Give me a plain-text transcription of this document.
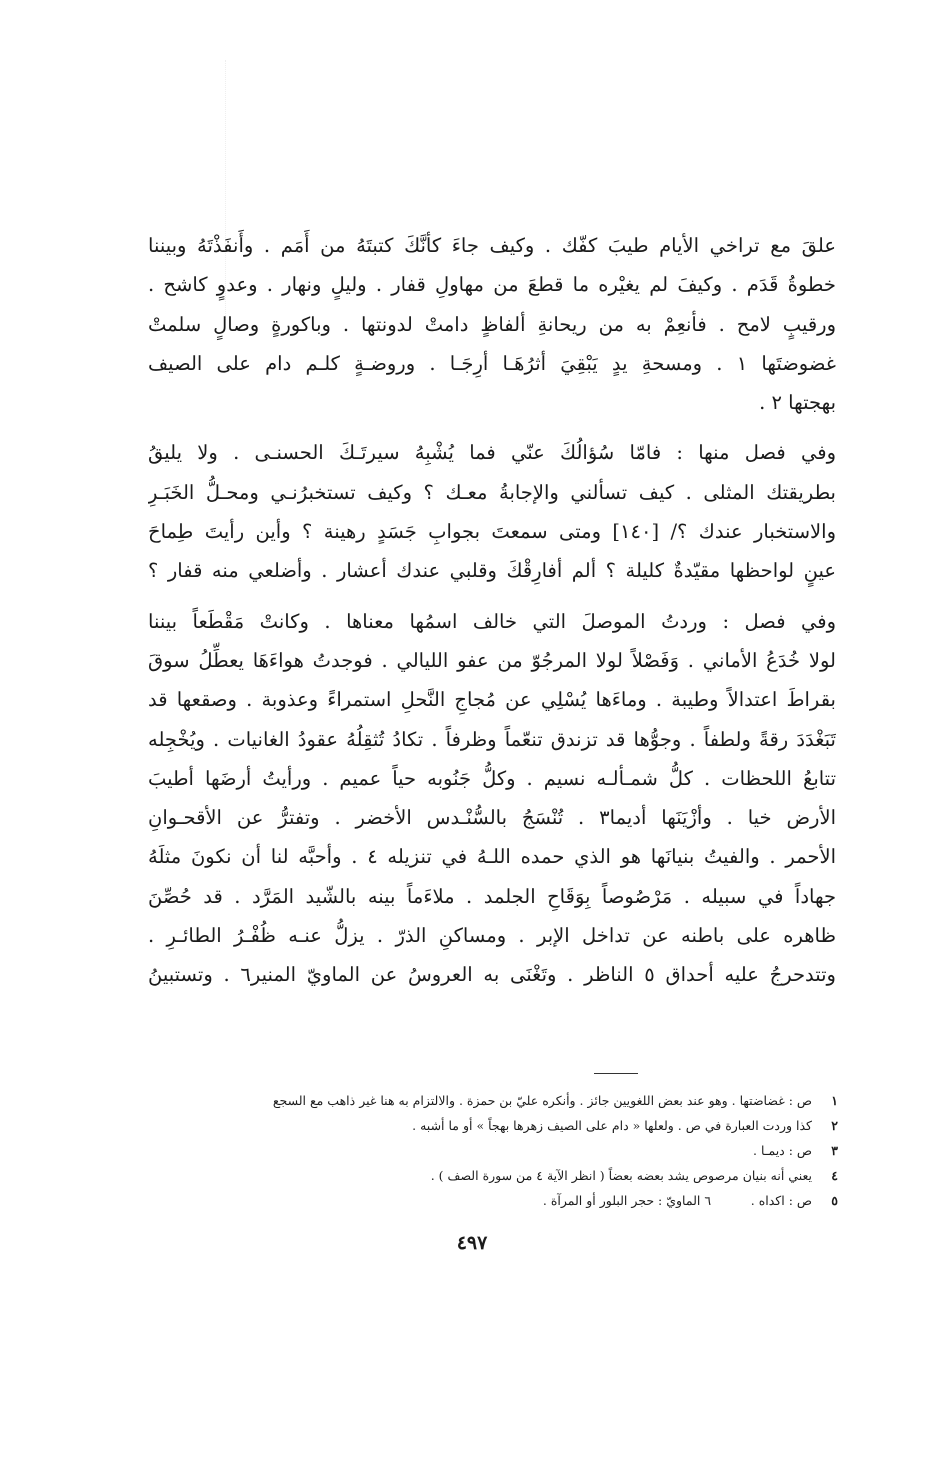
علقَ مع تراخي الأيام طيبَ كفّك . وكيف جاءَ كأنَّكَ كتبتَهُ من أَمَم . وأَنفَذْتَهُ وبيننا
خطوةُ قَدَم . وكيفَ لم يغيْره ما قطعَ من مهاولِ قفار . وليلٍ ونهار . وعدوٍ كاشح .
ورقيبٍ لامح . فأنعِمْ به من ريحانةِ ألفاظٍ دامتْ لدونتها . وباكورةٍ وصالٍ سلمتْ
غضوضتَها ١ . ومسحةِ يدٍ يَبْقِيَ أثرُهَـا أرِجَـا . وروضـةٍ كلـم دام على الصيف
بهجتها ٢ .
وفي فصل منها : فامّا سُؤالُكَ عنّي فما يُشْبِهُ سيرتَـكَ الحسنـى . ولا يليقُ
بطريقتك المثلى . كيف تسألني والإجابةُ معـك ؟ وكيف تستخبرُنـي ومحـلُّ الخَبَـرِ
والاستخبار عندك ؟/ [١٤٠] ومتى سمعتَ بجوابِ جَسَدٍ رهينة ؟ وأين رأيتَ طِماحَ
عينٍ لواحظها مقيّدةٌ كليلة ؟ ألم أفارِقْكَ وقلبي عندك أعشار . وأضلعي منه قفار ؟
وفي فصل : وردتُ الموصلَ التي خالف اسمُها معناها . وكانتْ مَقْطَعاً بيننا
لولا خُدَعُ الأماني . وَفَصْلاً لولا المرجُوّ من عفو الليالي . فوجدتُ هواءَهَا يعطِّلُ سوقَ
بقراطَ اعتدالاً وطيبة . وماءَها يُسْلِي عن مُجاجِ النَّحلِ استمراءً وعذوبة . وصقعها قد
تَبَغْدَدَ رقةً ولطفاً . وجوُّها قد تزندق تنعّماً وظرفاً . تكادُ تُثقِلُهُ عقودُ الغانيات . ويُخْجِله
تتابعُ اللحظات . كلُّ شمـألـه نسيم . وكلُّ جَنُوبه حياً عميم . ورأيتُ أرضَها أطيبَ
الأرض خيا . وأزْيَنَها أديما٣ . تُنْسَجُ بالسُّنْـدس الأخضر . وتفترُّ عن الأقحـوانِ
الأحمر . والفيتُ بنيانَها هو الذي حمده اللـهُ في تنزيله ٤ . وأحبَّه لنا أن نكونَ مثلَهُ
جهاداً في سبيله . مَرْصُوصاً بِوَقَاحِ الجلمد . ملاءَماً بينه بالشّيد المَرَّد . قد حُصِّنَ
ظاهره على باطنه عن تداخل الإبر . ومساكنِ الذرّ . يزلُّ عنـه ظُفْـرُ الطائـرِ .
وتتدحرجُ عليه أحداق ٥ الناظر . وتَغْنَى به العروسُ عن الماويّ المنير٦ . وتستبينُ
١ ص : غضاضتها . وهو عند بعض اللغويين جائز . وأنكره عليّ بن حمزة . والالتزام به هنا غير ذاهب مع السجع
٢ كذا وردت العبارة في ص . ولعلها « دام على الصيف زهرها بهجاً » أو ما أشبه .
٣ ص : ديمـا .
٤ يعني أنه بنيان مرصوص يشد بعضه بعضاً ( انظر الآية ٤ من سورة الصف ) .
٥ ص : اكداه .          ٦ الماويّ : حجر البلور أو المرآة .
٤٩٧
